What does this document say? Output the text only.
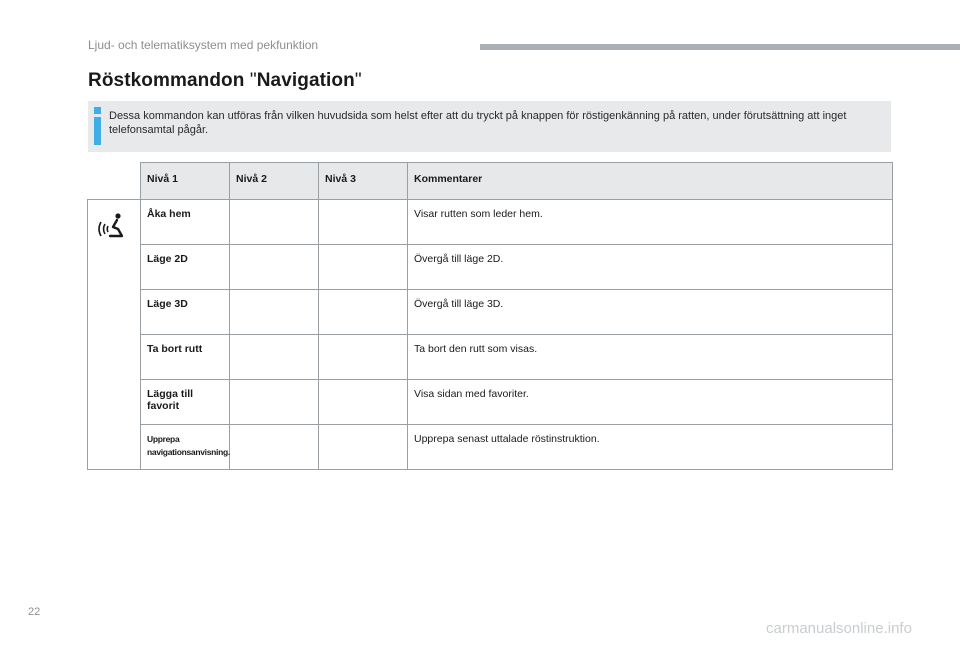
Ljud- och telematiksystem med pekfunktion
Röstkommandon "Navigation"
Dessa kommandon kan utföras från vilken huvudsida som helst efter att du tryckt på knappen för röstigenkänning på ratten, under förutsättning att inget telefonsamtal pågår.
	Nivå 1	Nivå 2	Nivå 3	Kommentarer
	Åka hem			Visar rutten som leder hem.
	Läge 2D			Övergå till läge 2D.
	Läge 3D			Övergå till läge 3D.
	Ta bort rutt			Ta bort den rutt som visas.
	Lägga till favorit			Visa sidan med favoriter.
	Upprepa navigationsanvisning.			Upprepa senast uttalade röstinstruktion.
22
carmanualsonline.info
